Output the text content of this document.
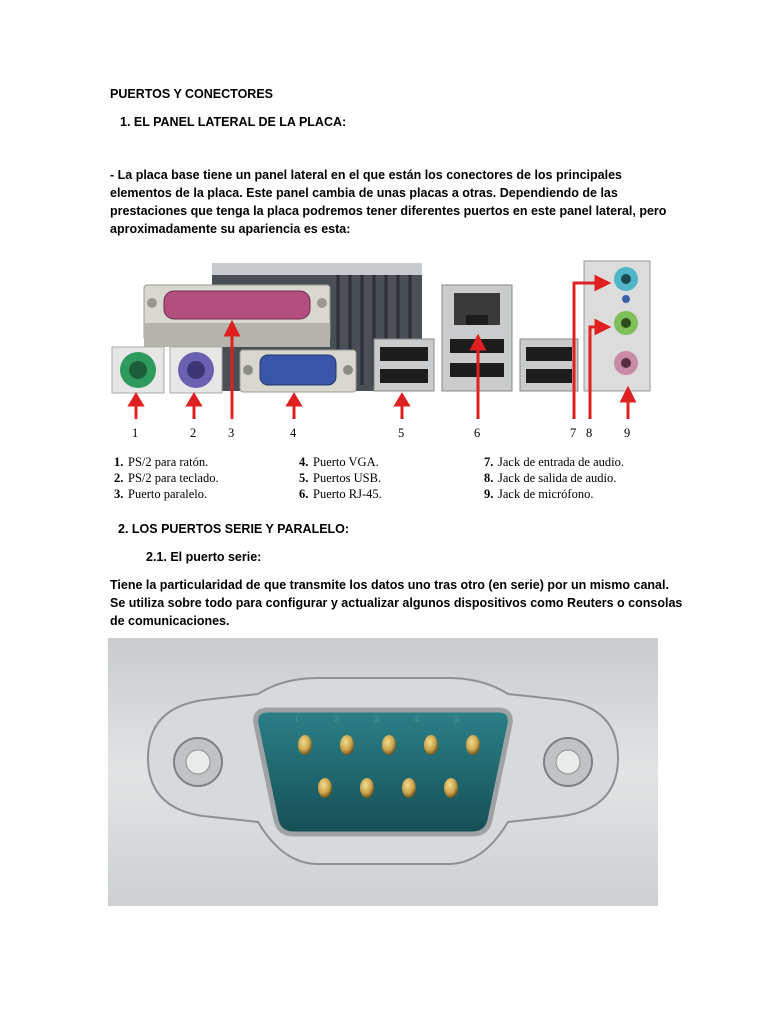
PUERTOS Y CONECTORES

1. EL PANEL LATERAL DE LA PLACA:

- La placa base tiene un panel lateral en el que están los conectores de los principales
elementos de la placa. Este panel cambia de unas placas a otras. Dependiendo de las
prestaciones que tenga la placa podremos tener diferentes puertos en este panel lateral, pero
aproximadamente su apariencia es esta:
1	2	3	4	5	6	7 8	9
1. PS/2 para ratón.
2. PS/2 para teclado.
3. Puerto paralelo.
4. Puerto VGA.
5. Puertos USB.
6. Puerto RJ-45.
7. Jack de entrada de audio.
8. Jack de salida de audio.
9. Jack de micrófono.

2. LOS PUERTOS SERIE Y PARALELO:

2.1. El puerto serie:

Tiene la particularidad de que transmite los datos uno tras otro (en serie) por un mismo canal.
Se utiliza sobre todo para configurar y actualizar algunos dispositivos como Reuters o consolas
de comunicaciones.
1	2	3	4	5
